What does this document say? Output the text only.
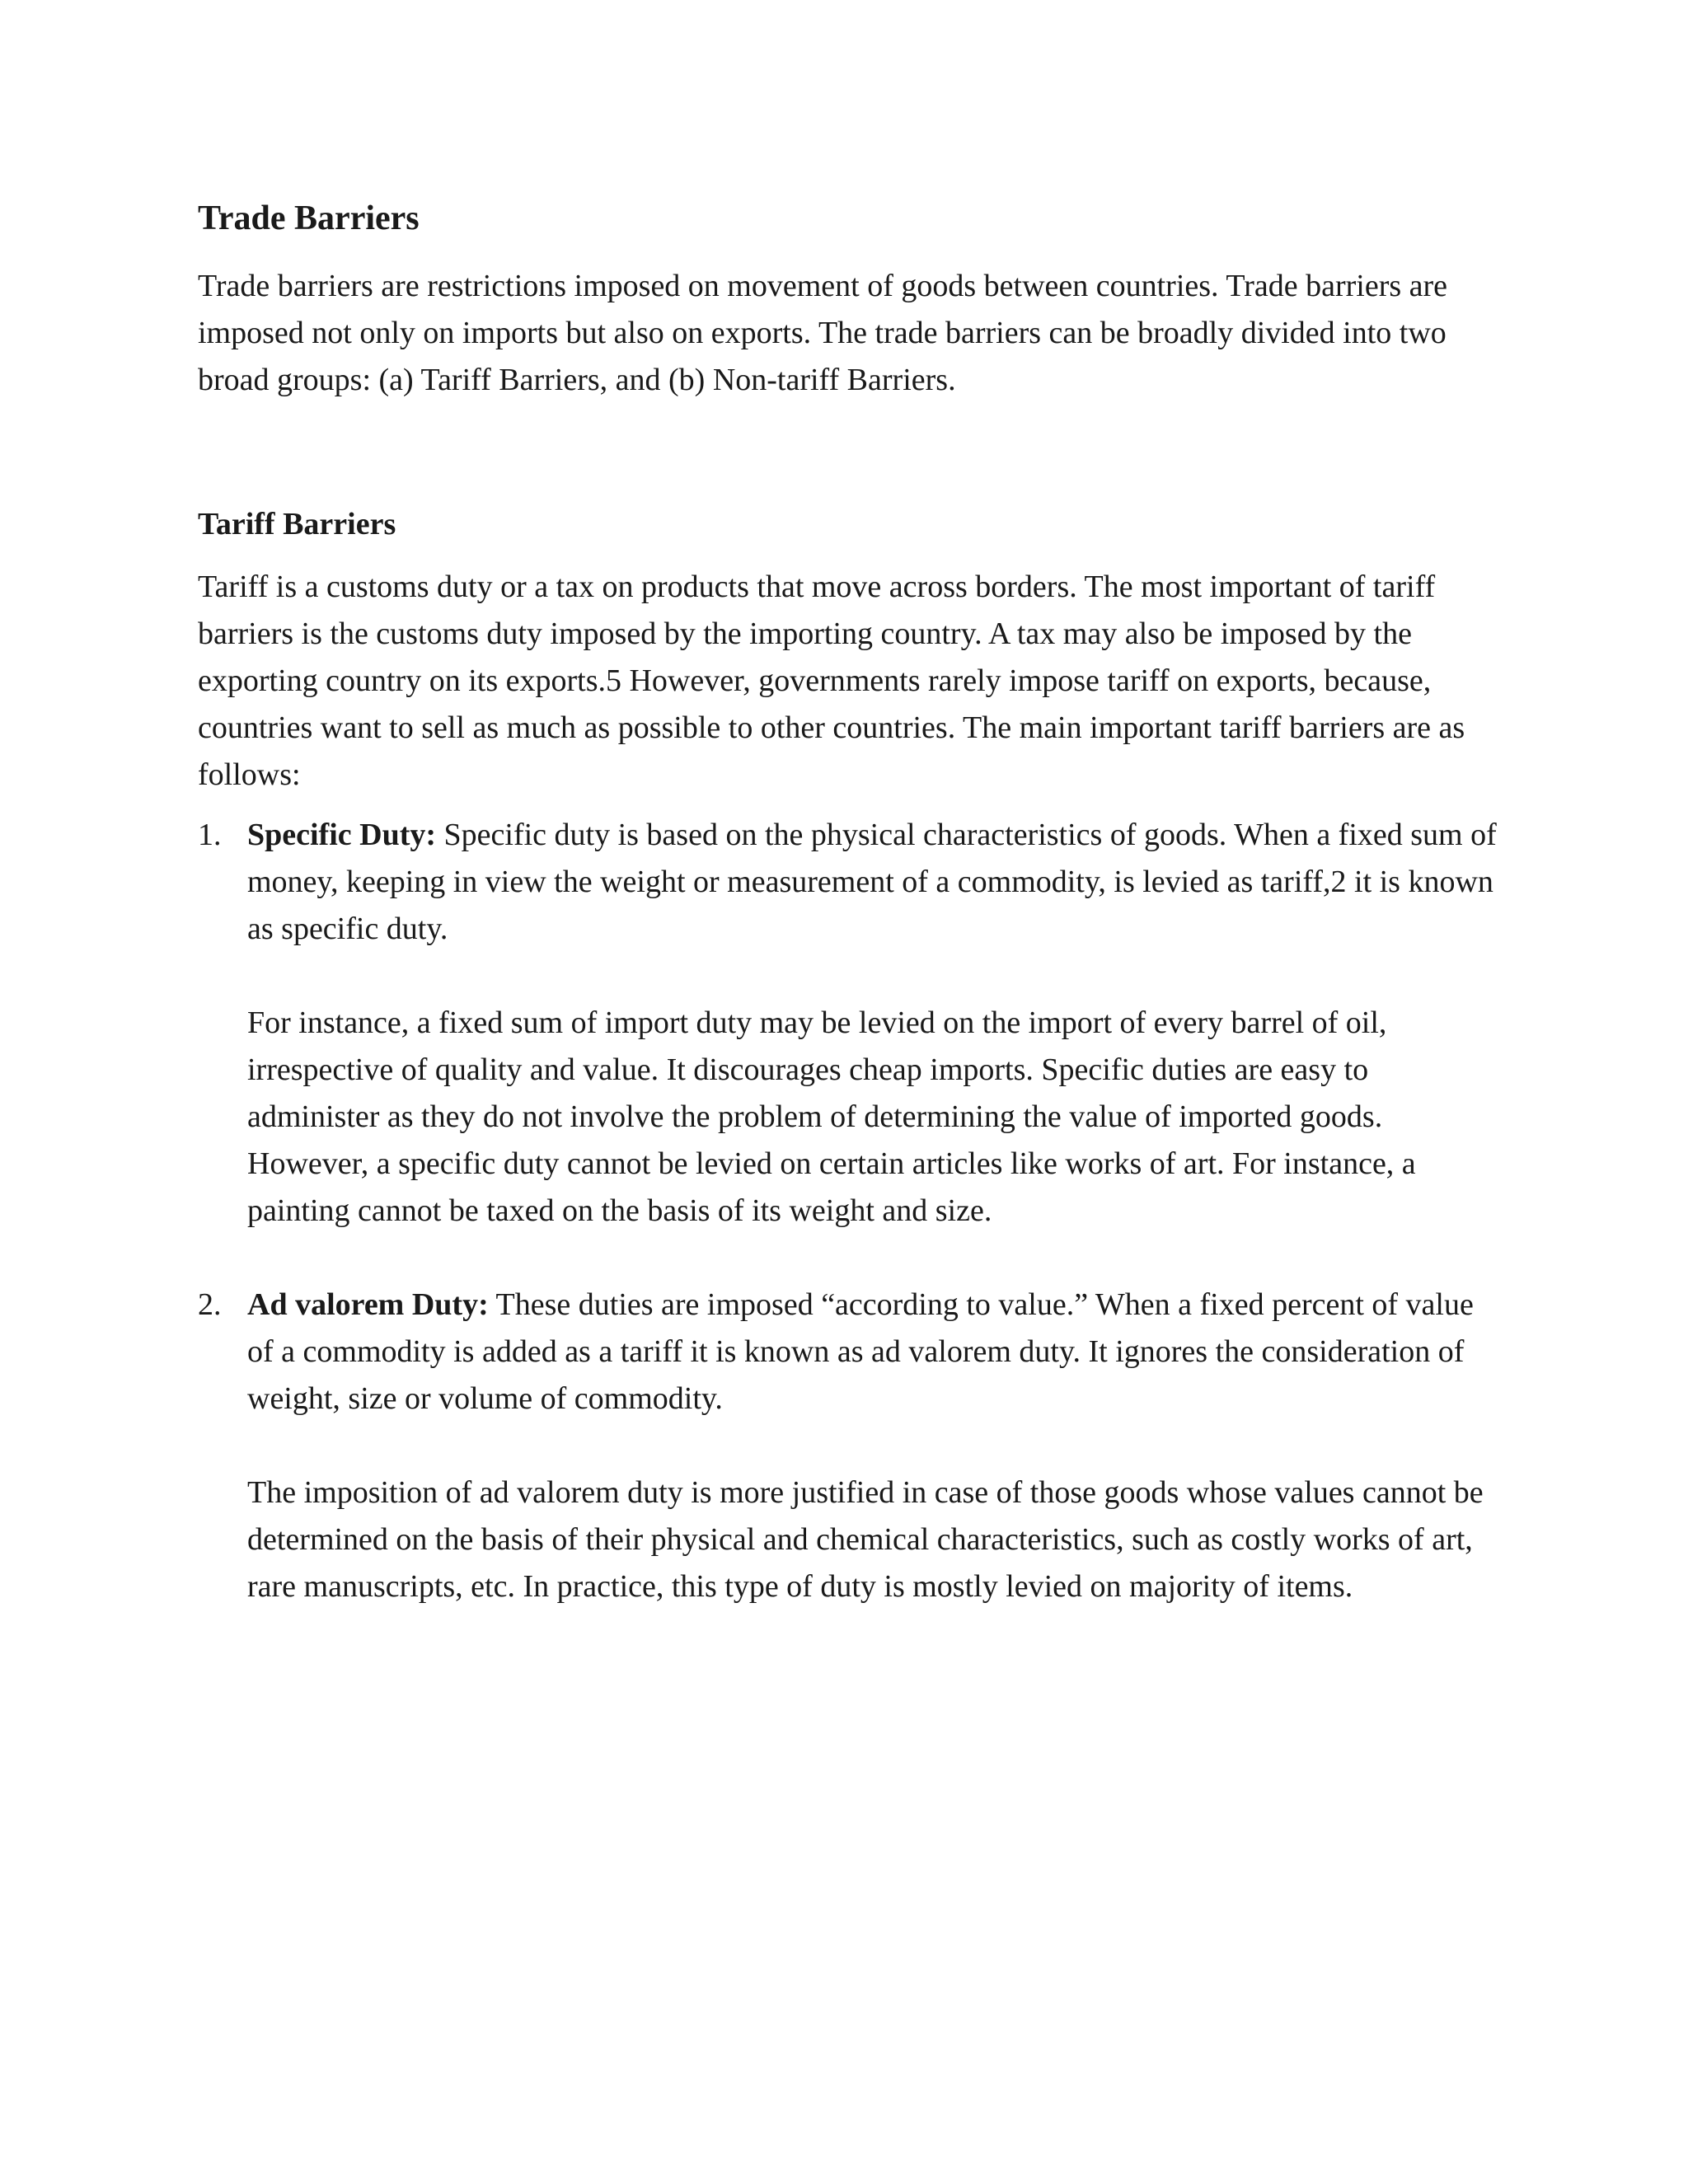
Trade Barriers

Trade barriers are restrictions imposed on movement of goods between countries. Trade barriers are imposed not only on imports but also on exports. The trade barriers can be broadly divided into two broad groups: (a) Tariff Barriers, and (b) Non-tariff Barriers.

Tariff Barriers

Tariff is a customs duty or a tax on products that move across borders. The most important of tariff barriers is the customs duty imposed by the importing country. A tax may also be imposed by the exporting country on its exports.5 However, governments rarely impose tariff on exports, because, countries want to sell as much as possible to other countries. The main important tariff barriers are as follows:

1. Specific Duty: Specific duty is based on the physical characteristics of goods. When a fixed sum of money, keeping in view the weight or measurement of a commodity, is levied as tariff,2 it is known as specific duty.

For instance, a fixed sum of import duty may be levied on the import of every barrel of oil, irrespective of quality and value. It discourages cheap imports. Specific duties are easy to administer as they do not involve the problem of determining the value of imported goods. However, a specific duty cannot be levied on certain articles like works of art. For instance, a painting cannot be taxed on the basis of its weight and size.

2. Ad valorem Duty: These duties are imposed “according to value.” When a fixed percent of value of a commodity is added as a tariff it is known as ad valorem duty. It ignores the consideration of weight, size or volume of commodity.

The imposition of ad valorem duty is more justified in case of those goods whose values cannot be determined on the basis of their physical and chemical characteristics, such as costly works of art, rare manuscripts, etc. In practice, this type of duty is mostly levied on majority of items.
